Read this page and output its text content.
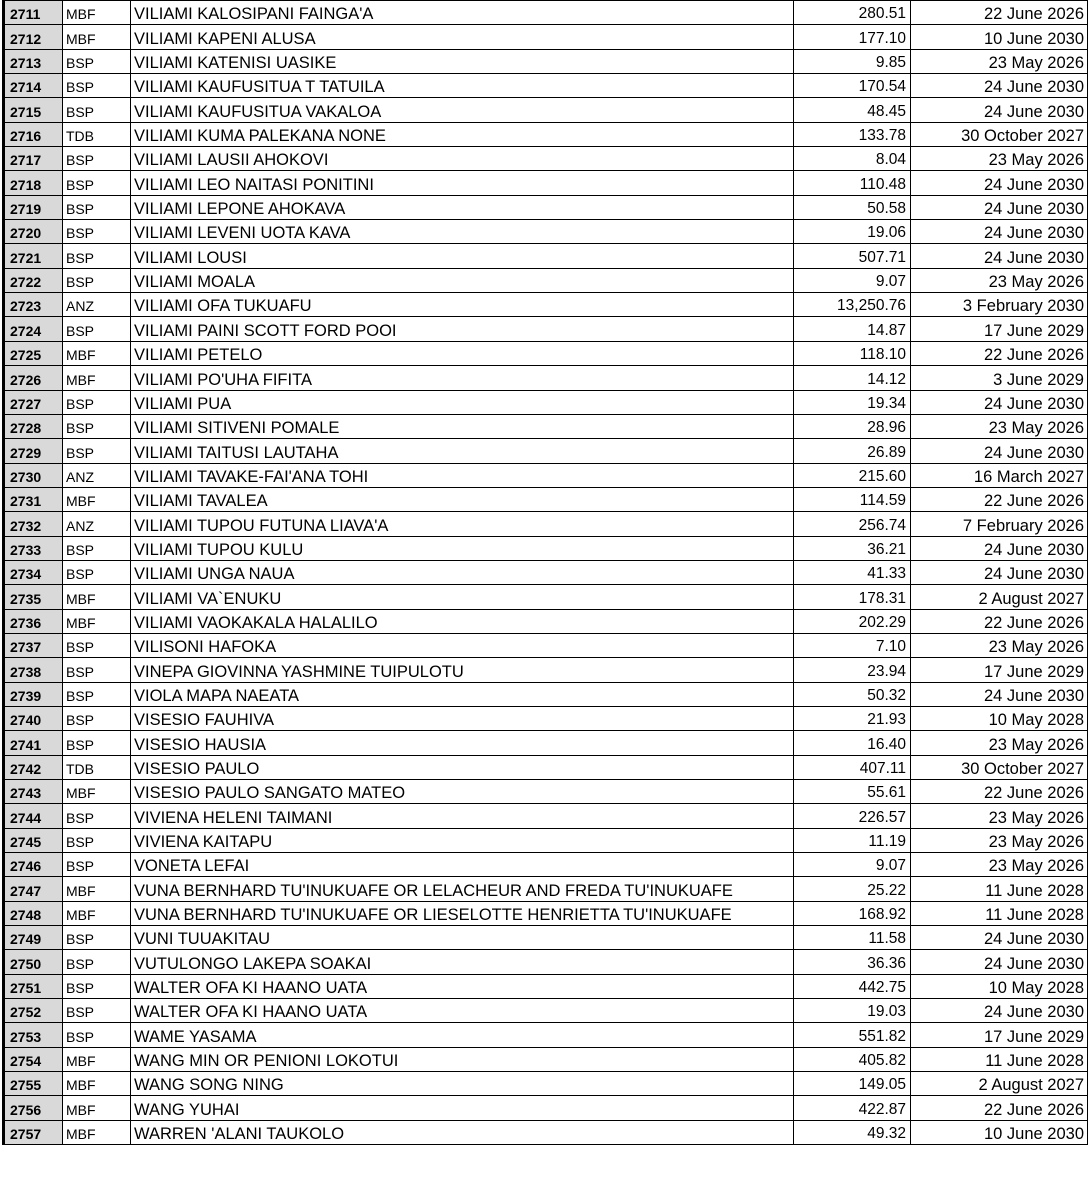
2711	MBF	VILIAMI KALOSIPANI FAINGA'A	280.51	22 June 2026
2712	MBF	VILIAMI KAPENI ALUSA	177.10	10 June 2030
2713	BSP	VILIAMI KATENISI UASIKE	9.85	23 May 2026
2714	BSP	VILIAMI KAUFUSITUA T TATUILA	170.54	24 June 2030
2715	BSP	VILIAMI KAUFUSITUA VAKALOA	48.45	24 June 2030
2716	TDB	VILIAMI KUMA PALEKANA NONE	133.78	30 October 2027
2717	BSP	VILIAMI LAUSII AHOKOVI	8.04	23 May 2026
2718	BSP	VILIAMI LEO NAITASI PONITINI	110.48	24 June 2030
2719	BSP	VILIAMI LEPONE AHOKAVA	50.58	24 June 2030
2720	BSP	VILIAMI LEVENI UOTA KAVA	19.06	24 June 2030
2721	BSP	VILIAMI LOUSI	507.71	24 June 2030
2722	BSP	VILIAMI MOALA	9.07	23 May 2026
2723	ANZ	VILIAMI OFA TUKUAFU	13,250.76	3 February 2030
2724	BSP	VILIAMI PAINI SCOTT FORD POOI	14.87	17 June 2029
2725	MBF	VILIAMI PETELO	118.10	22 June 2026
2726	MBF	VILIAMI PO'UHA FIFITA	14.12	3 June 2029
2727	BSP	VILIAMI PUA	19.34	24 June 2030
2728	BSP	VILIAMI SITIVENI POMALE	28.96	23 May 2026
2729	BSP	VILIAMI TAITUSI LAUTAHA	26.89	24 June 2030
2730	ANZ	VILIAMI TAVAKE-FAI'ANA TOHI	215.60	16 March 2027
2731	MBF	VILIAMI TAVALEA	114.59	22 June 2026
2732	ANZ	VILIAMI TUPOU FUTUNA LIAVA'A	256.74	7 February 2026
2733	BSP	VILIAMI TUPOU KULU	36.21	24 June 2030
2734	BSP	VILIAMI UNGA NAUA	41.33	24 June 2030
2735	MBF	VILIAMI VA`ENUKU	178.31	2 August 2027
2736	MBF	VILIAMI VAOKAKALA HALALILO	202.29	22 June 2026
2737	BSP	VILISONI HAFOKA	7.10	23 May 2026
2738	BSP	VINEPA GIOVINNA YASHMINE TUIPULOTU	23.94	17 June 2029
2739	BSP	VIOLA MAPA NAEATA	50.32	24 June 2030
2740	BSP	VISESIO FAUHIVA	21.93	10 May 2028
2741	BSP	VISESIO HAUSIA	16.40	23 May 2026
2742	TDB	VISESIO PAULO	407.11	30 October 2027
2743	MBF	VISESIO PAULO SANGATO MATEO	55.61	22 June 2026
2744	BSP	VIVIENA HELENI TAIMANI	226.57	23 May 2026
2745	BSP	VIVIENA KAITAPU	11.19	23 May 2026
2746	BSP	VONETA LEFAI	9.07	23 May 2026
2747	MBF	VUNA BERNHARD TU'INUKUAFE OR LELACHEUR AND FREDA TU'INUKUAFE	25.22	11 June 2028
2748	MBF	VUNA BERNHARD TU'INUKUAFE OR LIESELOTTE HENRIETTA TU'INUKUAFE	168.92	11 June 2028
2749	BSP	VUNI TUUAKITAU	11.58	24 June 2030
2750	BSP	VUTULONGO LAKEPA SOAKAI	36.36	24 June 2030
2751	BSP	WALTER OFA KI HAANO UATA	442.75	10 May 2028
2752	BSP	WALTER OFA KI HAANO UATA	19.03	24 June 2030
2753	BSP	WAME YASAMA	551.82	17 June 2029
2754	MBF	WANG MIN OR PENIONI LOKOTUI	405.82	11 June 2028
2755	MBF	WANG SONG NING	149.05	2 August 2027
2756	MBF	WANG YUHAI	422.87	22 June 2026
2757	MBF	WARREN 'ALANI TAUKOLO	49.32	10 June 2030
